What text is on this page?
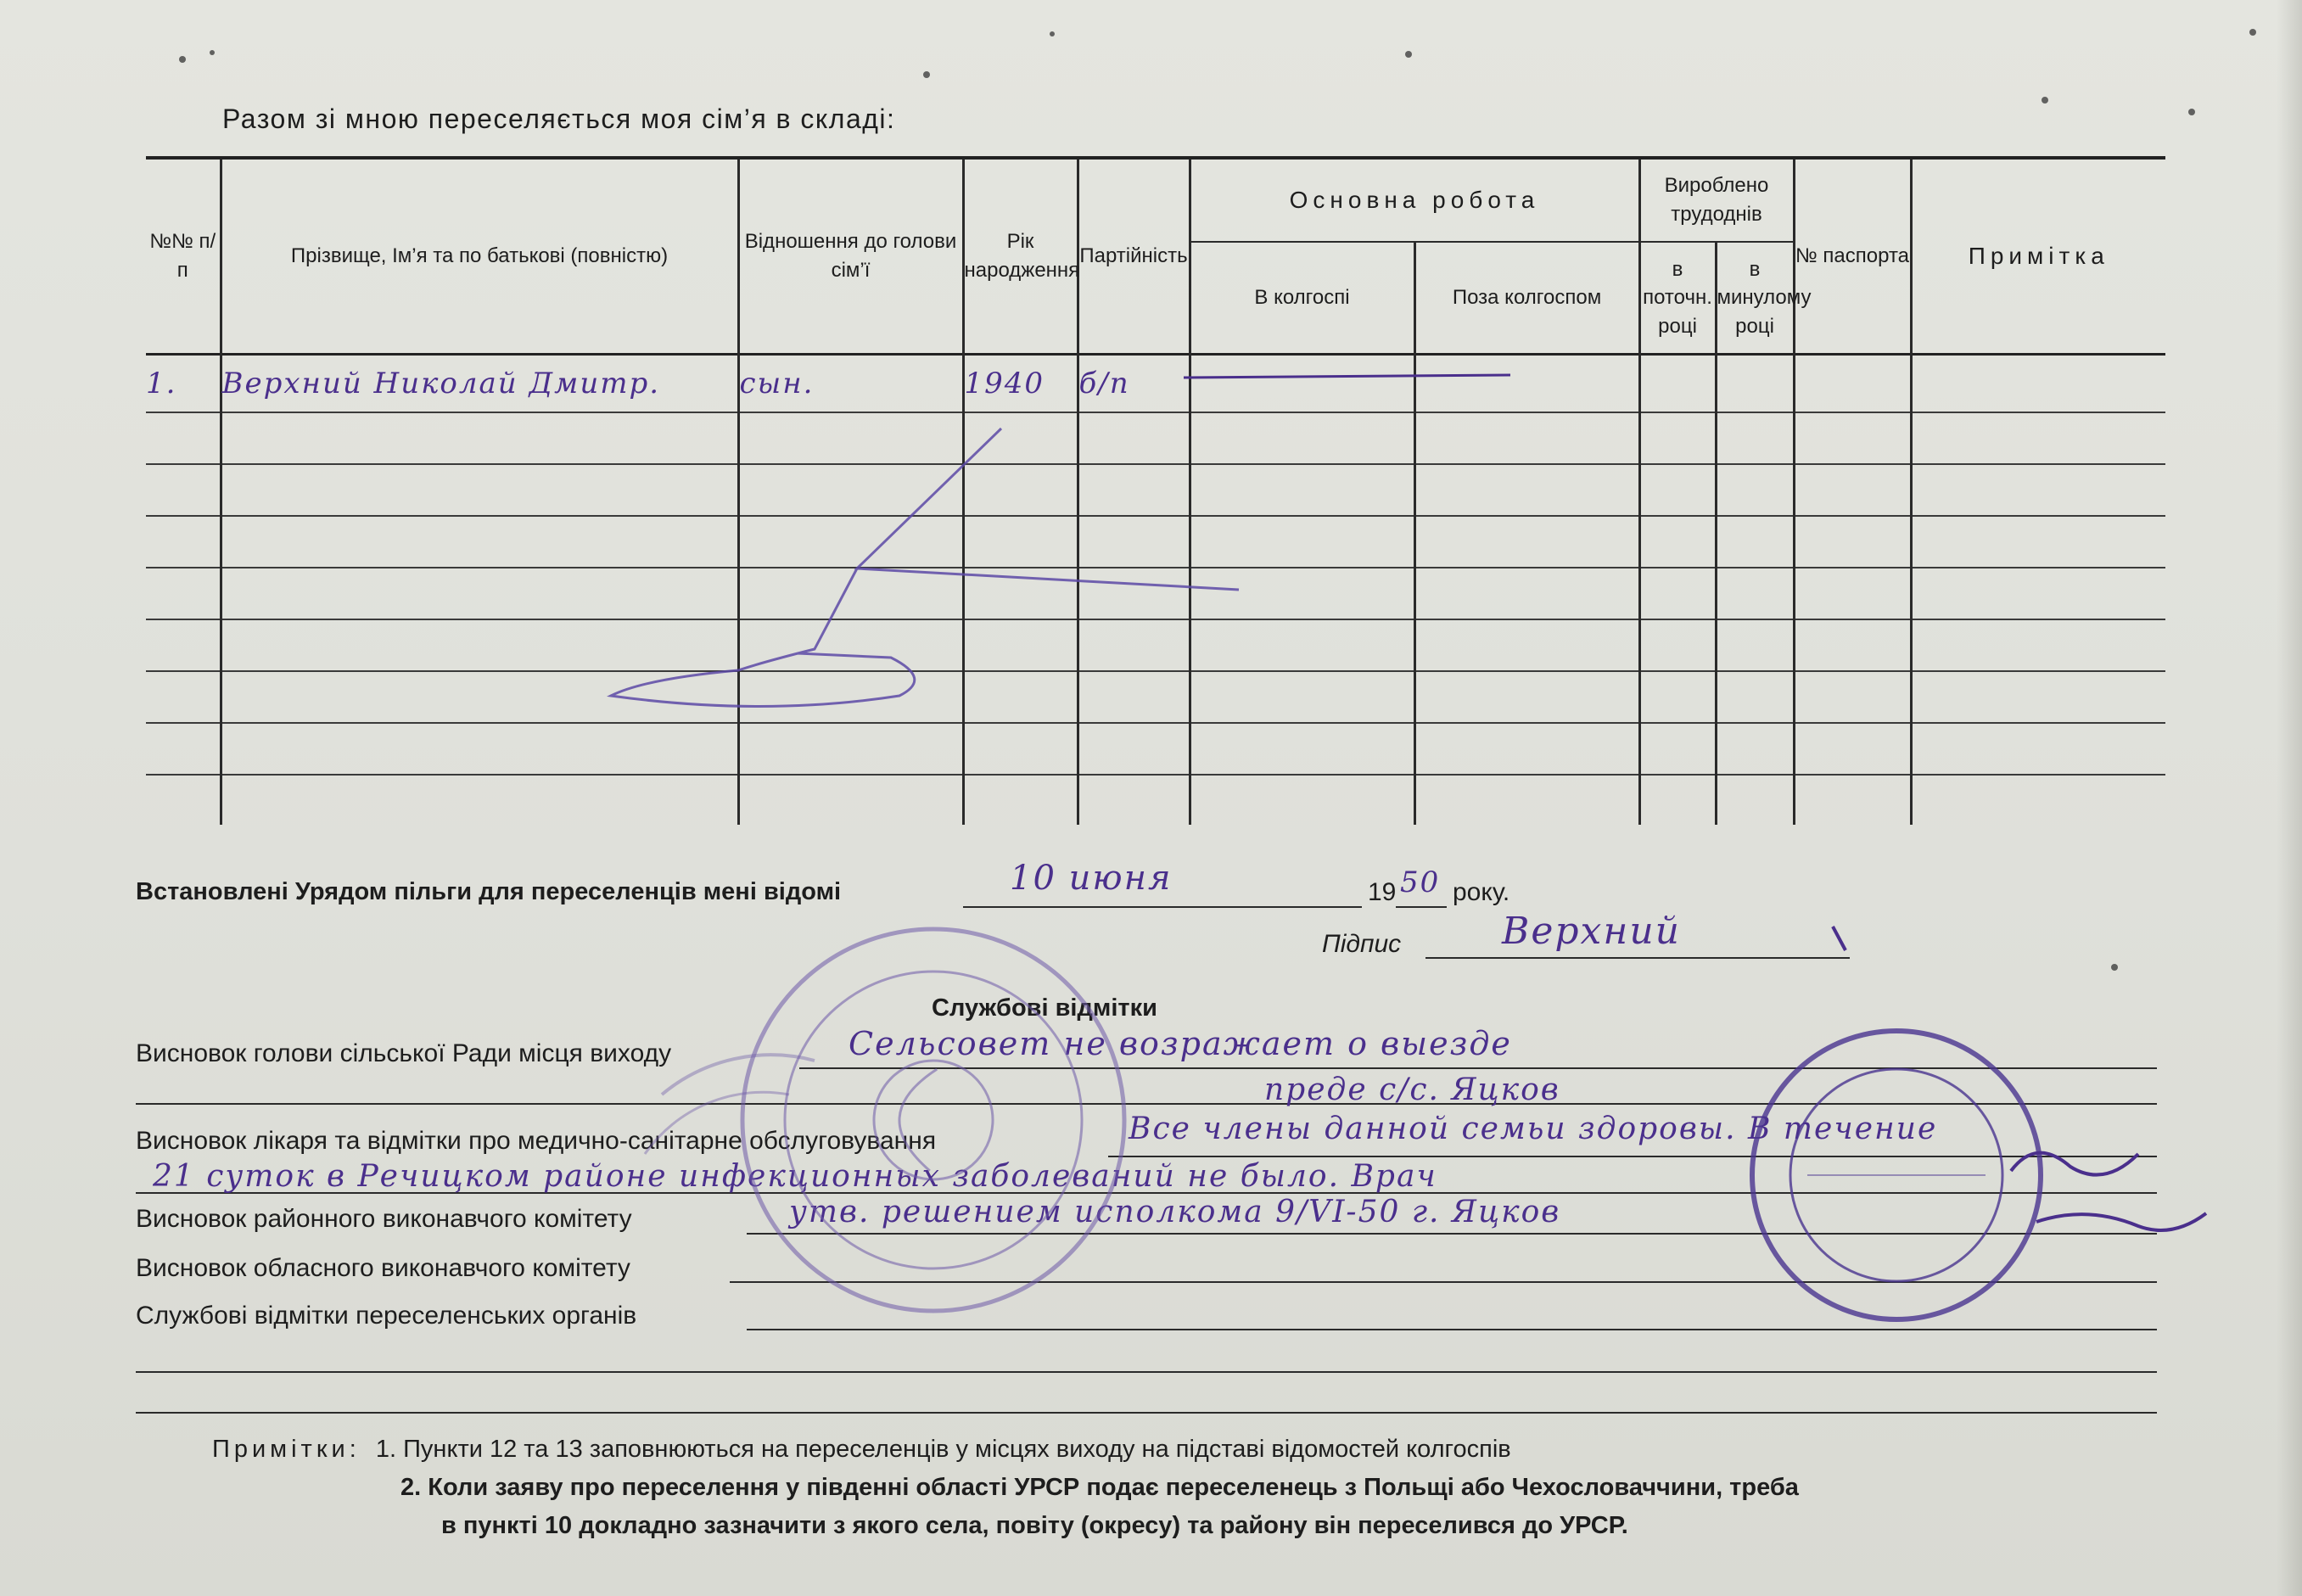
Разом зі мною переселяється моя сім’я в складі:
№№ п/п	Прізвище, Ім’я та по батькові (повністю)	Відношення до голови сім’ї	Рік народження	Партійність	Основна робота		Вироблено трудоднів		№ паспорта	Примітка
					В колгоспі	Поза колгоспом	в поточн. році	в минулому році		
1.	Верхний Николай Дмитр.	сын.	1940	б/п						

Встановлені Урядом пільги для переселенців мені відомі	10 июня	19 50 року.
Підпис	Верхний
Службові відмітки
Висновок голови сільської Ради місця виходу	Сельсовет не возражает о выезде
преде с/с. Яцков
Висновок лікаря та відмітки про медично-санітарне обслуговування	Все члены данной семьи здоровы. В течение
21 суток в Речицком районе инфекционных заболеваний не было. Врач
Висновок районного виконавчого комітету	утв. решением исполкома 9/VI-50 г. Яцков
Висновок обласного виконавчого комітету
Службові відмітки переселенських органів
Примітки: 1. Пункти 12 та 13 заповнюються на переселенців у місцях виходу на підставі відомостей колгоспів
2. Коли заяву про переселення у південні області УРСР подає переселенець з Польщі або Чехословаччини, треба
в пункті 10 докладно зазначити з якого села, повіту (окресу) та району він переселився до УРСР.
